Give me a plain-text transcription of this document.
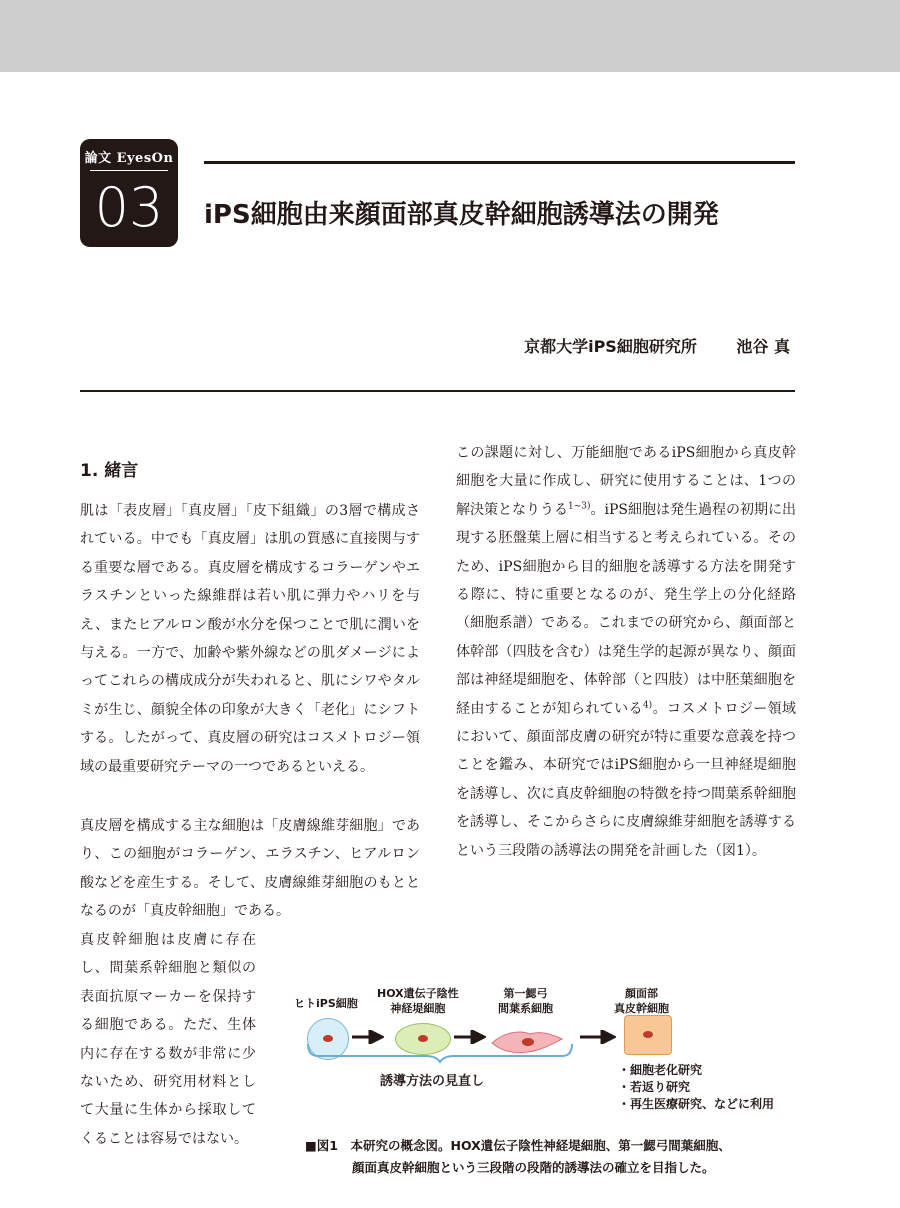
論文 EyesOn
03	iPS細胞由来顔面部真皮幹細胞誘導法の開発
京都大学iPS細胞研究所 池谷 真
1. 緒言

肌は「表皮層」「真皮層」「皮下組織」の3層で構成されている。中でも「真皮層」は肌の質感に直接関与する重要な層である。真皮層を構成するコラーゲンやエラスチンといった線維群は若い肌に弾力やハリを与え、またヒアルロン酸が水分を保つことで肌に潤いを与える。一方で、加齢や紫外線などの肌ダメージによってこれらの構成成分が失われると、肌にシワやタルミが生じ、顔貌全体の印象が大きく「老化」にシフトする。したがって、真皮層の研究はコスメトロジー領域の最重要研究テーマの一つであるといえる。

真皮層を構成する主な細胞は「皮膚線維芽細胞」であり、この細胞がコラーゲン、エラスチン、ヒアルロン酸などを産生する。そして、皮膚線維芽細胞のもととなるのが「真皮幹細胞」である。

真皮幹細胞は皮膚に存在し、間葉系幹細胞と類似の表面抗原マーカーを保持する細胞である。ただ、生体内に存在する数が非常に少ないため、研究用材料として大量に生体から採取してくることは容易ではない。

この課題に対し、万能細胞であるiPS細胞から真皮幹細胞を大量に作成し、研究に使用することは、1つの解決策となりうる$^{1\sim 3)}$。iPS細胞は発生過程の初期に出現する胚盤葉上層に相当すると考えられている。そのため、iPS細胞から目的細胞を誘導する方法を開発する際に、特に重要となるのが、発生学上の分化経路（細胞系譜）である。これまでの研究から、顔面部と体幹部（四肢を含む）は発生学的起源が異なり、顔面部は神経堤細胞を、体幹部（と四肢）は中胚葉細胞を経由することが知られている$^{4)}$。コスメトロジー領域において、顔面部皮膚の研究が特に重要な意義を持つことを鑑み、本研究ではiPS細胞から一旦神経堤細胞を誘導し、次に真皮幹細胞の特徴を持つ間葉系幹細胞を誘導し、そこからさらに皮膚線維芽細胞を誘導するという三段階の誘導法の開発を計画した（図1）。

ヒトiPS細胞
HOX遺伝子陰性
神経堤細胞
第一鰓弓
間葉系細胞
顔面部
真皮幹細胞
誘導方法の見直し
・細胞老化研究
・若返り研究
・再生医療研究、などに利用

■図1　本研究の概念図。HOX遺伝子陰性神経堤細胞、第一鰓弓間葉細胞、
顔面真皮幹細胞という三段階の段階的誘導法の確立を目指した。
